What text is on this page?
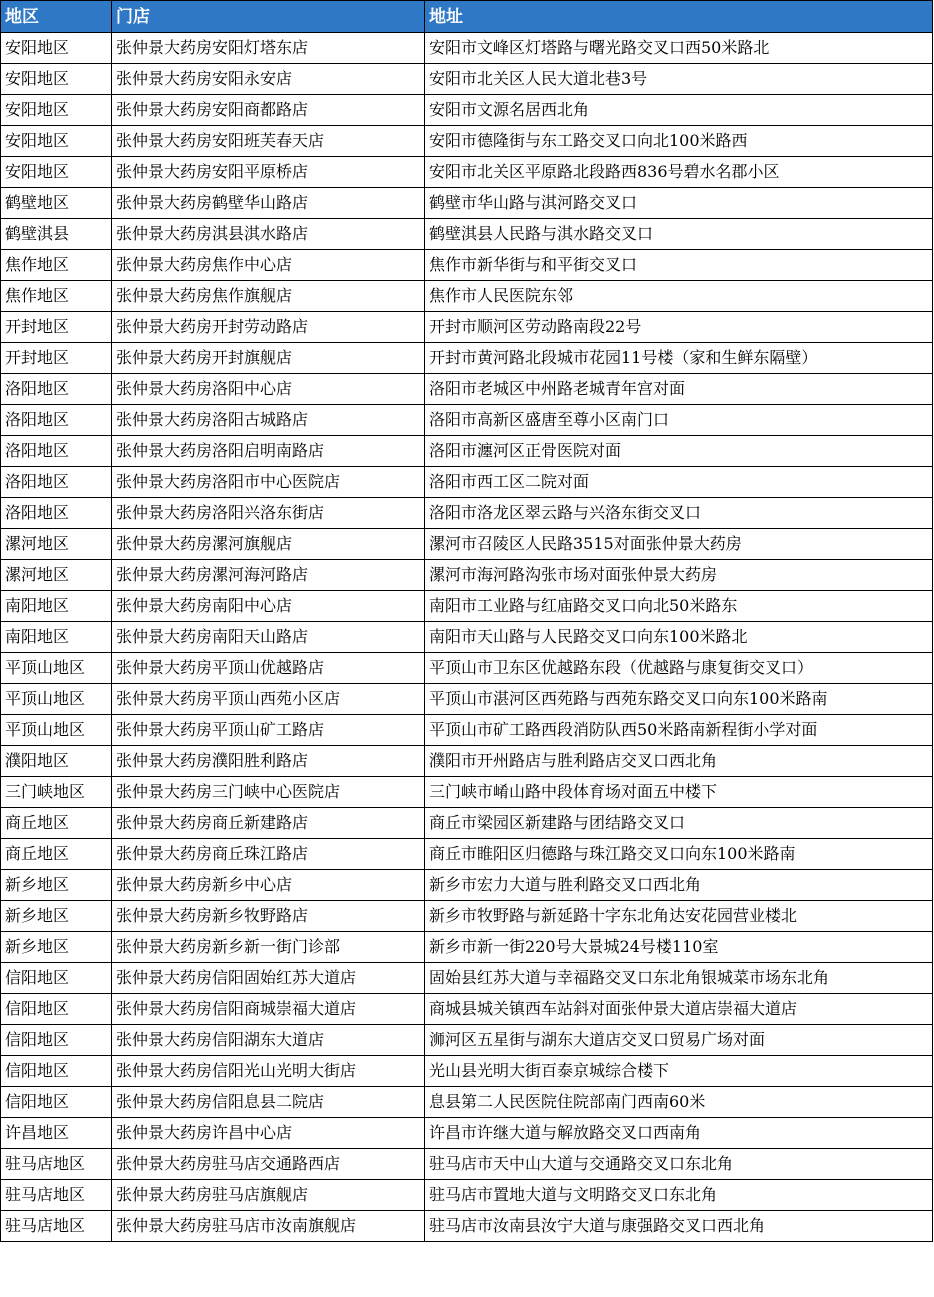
地区	门店	地址
安阳地区	张仲景大药房安阳灯塔东店	安阳市文峰区灯塔路与曙光路交叉口西50米路北
安阳地区	张仲景大药房安阳永安店	安阳市北关区人民大道北巷3号
安阳地区	张仲景大药房安阳商都路店	安阳市文源名居西北角
安阳地区	张仲景大药房安阳班芙春天店	安阳市德隆街与东工路交叉口向北100米路西
安阳地区	张仲景大药房安阳平原桥店	安阳市北关区平原路北段路西836号碧水名郡小区
鹤壁地区	张仲景大药房鹤壁华山路店	鹤壁市华山路与淇河路交叉口
鹤壁淇县	张仲景大药房淇县淇水路店	鹤壁淇县人民路与淇水路交叉口
焦作地区	张仲景大药房焦作中心店	焦作市新华街与和平街交叉口
焦作地区	张仲景大药房焦作旗舰店	焦作市人民医院东邻
开封地区	张仲景大药房开封劳动路店	开封市顺河区劳动路南段22号
开封地区	张仲景大药房开封旗舰店	开封市黄河路北段城市花园11号楼（家和生鲜东隔壁）
洛阳地区	张仲景大药房洛阳中心店	洛阳市老城区中州路老城青年宫对面
洛阳地区	张仲景大药房洛阳古城路店	洛阳市高新区盛唐至尊小区南门口
洛阳地区	张仲景大药房洛阳启明南路店	洛阳市瀍河区正骨医院对面
洛阳地区	张仲景大药房洛阳市中心医院店	洛阳市西工区二院对面
洛阳地区	张仲景大药房洛阳兴洛东街店	洛阳市洛龙区翠云路与兴洛东街交叉口
漯河地区	张仲景大药房漯河旗舰店	漯河市召陵区人民路3515对面张仲景大药房
漯河地区	张仲景大药房漯河海河路店	漯河市海河路沟张市场对面张仲景大药房
南阳地区	张仲景大药房南阳中心店	南阳市工业路与红庙路交叉口向北50米路东
南阳地区	张仲景大药房南阳天山路店	南阳市天山路与人民路交叉口向东100米路北
平顶山地区	张仲景大药房平顶山优越路店	平顶山市卫东区优越路东段（优越路与康复街交叉口）
平顶山地区	张仲景大药房平顶山西苑小区店	平顶山市湛河区西苑路与西苑东路交叉口向东100米路南
平顶山地区	张仲景大药房平顶山矿工路店	平顶山市矿工路西段消防队西50米路南新程街小学对面
濮阳地区	张仲景大药房濮阳胜利路店	濮阳市开州路店与胜利路店交叉口西北角
三门峡地区	张仲景大药房三门峡中心医院店	三门峡市崤山路中段体育场对面五中楼下
商丘地区	张仲景大药房商丘新建路店	商丘市梁园区新建路与团结路交叉口
商丘地区	张仲景大药房商丘珠江路店	商丘市睢阳区归德路与珠江路交叉口向东100米路南
新乡地区	张仲景大药房新乡中心店	新乡市宏力大道与胜利路交叉口西北角
新乡地区	张仲景大药房新乡牧野路店	新乡市牧野路与新延路十字东北角达安花园营业楼北
新乡地区	张仲景大药房新乡新一街门诊部	新乡市新一街220号大景城24号楼110室
信阳地区	张仲景大药房信阳固始红苏大道店	固始县红苏大道与幸福路交叉口东北角银城菜市场东北角
信阳地区	张仲景大药房信阳商城崇福大道店	商城县城关镇西车站斜对面张仲景大道店崇福大道店
信阳地区	张仲景大药房信阳湖东大道店	浉河区五星街与湖东大道店交叉口贸易广场对面
信阳地区	张仲景大药房信阳光山光明大街店	光山县光明大街百泰京城综合楼下
信阳地区	张仲景大药房信阳息县二院店	息县第二人民医院住院部南门西南60米
许昌地区	张仲景大药房许昌中心店	许昌市许继大道与解放路交叉口西南角
驻马店地区	张仲景大药房驻马店交通路西店	驻马店市天中山大道与交通路交叉口东北角
驻马店地区	张仲景大药房驻马店旗舰店	驻马店市置地大道与文明路交叉口东北角
驻马店地区	张仲景大药房驻马店市汝南旗舰店	驻马店市汝南县汝宁大道与康强路交叉口西北角
